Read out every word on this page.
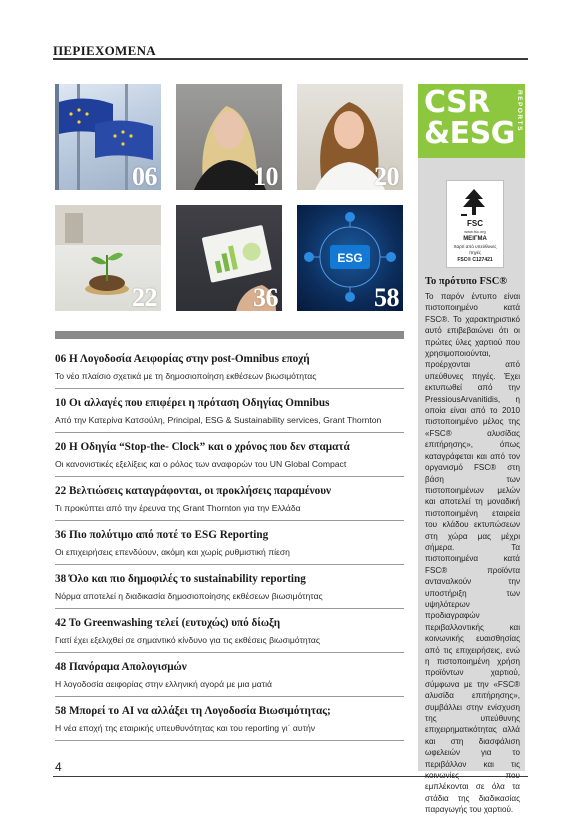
ΠΕΡΙΕΧΟΜΕΝΑ
06	10	20
22	36
ESG
58
06 Η Λογοδοσία Αειφορίας στην post-Omnibus εποχή
Το νέο πλαίσιο σχετικά με τη δημοσιοποίηση εκθέσεων βιωσιμότητας
10 Οι αλλαγές που επιφέρει η πρόταση Οδηγίας Omnibus
Από την Κατερίνα Κατσούλη, Principal, ESG & Sustainability services, Grant Thornton
20 Η Οδηγία “Stop-the- Clock” και ο χρόνος που δεν σταματά
Οι κανονιστικές εξελίξεις και ο ρόλος των αναφορών του UN Global Compact
22 Βελτιώσεις καταγράφονται, οι προκλήσεις παραμένουν
Τι προκύπτει από την έρευνα της Grant Thornton για την Ελλάδα
36 Πιο πολύτιμο από ποτέ το ESG Reporting
Οι επιχειρήσεις επενδύουν, ακόμη και χωρίς ρυθμιστική πίεση
38 Όλο και πιο δημοφιλές το sustainability reporting
Νόρμα αποτελεί η διαδικασία δημοσιοποίησης εκθέσεων βιωσιμότητας
42 Το Greenwashing τελεί (ευτυχώς) υπό δίωξη
Γιατί έχει εξελιχθεί σε σημαντικό κίνδυνο για τις εκθέσεις βιωσιμότητας
48 Πανόραμα Απολογισμών
Η λογοδοσία αειφορίας στην ελληνική αγορά με μια ματιά
58 Μπορεί το AI να αλλάξει τη Λογοδοσία Βιωσιμότητας;
Η νέα εποχή της εταιρικής υπευθυνότητας και του reporting γι΄ αυτήν
4
CSR
&ESG
REPORTS
FSC
www.fsc.org
ΜΕΙΓΜΑ
Χαρτί από υπεύθυνες πηγές
FSC® C127421
Το πρότυπο FSC®
Το παρόν έντυπο είναι πιστοποιημένο κατά FSC®. Το χαρακτηριστικό αυτό επιβεβαιώνει ότι οι πρώτες ύλες χαρτιού που χρησιμοποιούνται, προέρχονται από υπεύθυνες πηγές. Έχει εκτυπωθεί από την PressiousArvanitidis, η οποία είναι από το 2010 πιστοποιημένο μέλος της «FSC® αλυσίδας επιτήρησης», όπως καταγράφεται και από τον οργανισμό FSC® στη βάση των πιστοποιημένων μελών και αποτελεί τη μοναδική πιστοποιημένη εταιρεία του κλάδου εκτυπώσεων στη χώρα μας μέχρι σήμερα. Τα πιστοποιημένα κατά FSC® προϊόντα ανταναλκούν την υποστήριξη των υψηλότερων προδιαγραφών περιβαλλοντικής και κοινωνικής ευαισθησίας από τις επιχειρήσεις, ενώ η πιστοποιημένη χρήση προϊόντων χαρτιού, σύμφωνα με την «FSC® αλυσίδα επιτήρησης», συμβάλλει στην ενίσχυση της υπεύθυνης επιχειρηματικότητας αλλά και στη διασφάλιση ωφελειών για το περιβάλλον και τις κοινωνίες που εμπλέκονται σε όλα τα στάδια της διαδικασίας παραγωγής του χαρτιού.
